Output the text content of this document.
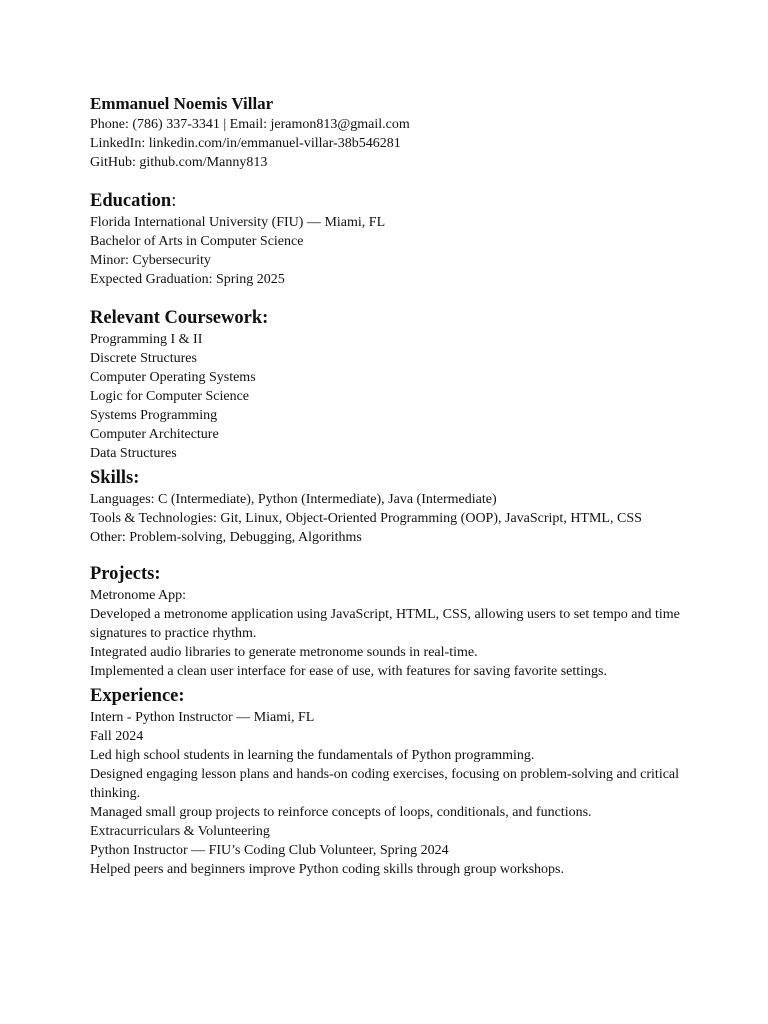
Emmanuel Noemis Villar

Phone: (786) 337-3341 | Email: jeramon813@gmail.com

LinkedIn: linkedin.com/in/emmanuel-villar-38b546281

GitHub: github.com/Manny813

Education:

Florida International University (FIU) — Miami, FL

Bachelor of Arts in Computer Science

Minor: Cybersecurity

Expected Graduation: Spring 2025

Relevant Coursework:

Programming I & II

Discrete Structures

Computer Operating Systems

Logic for Computer Science

Systems Programming

Computer Architecture

Data Structures

Skills:

Languages: C (Intermediate), Python (Intermediate), Java (Intermediate)

Tools & Technologies: Git, Linux, Object-Oriented Programming (OOP), JavaScript, HTML, CSS

Other: Problem-solving, Debugging, Algorithms

Projects:

Metronome App:

Developed a metronome application using JavaScript, HTML, CSS, allowing users to set tempo and time signatures to practice rhythm.

Integrated audio libraries to generate metronome sounds in real-time.

Implemented a clean user interface for ease of use, with features for saving favorite settings.

Experience:

Intern - Python Instructor — Miami, FL

Fall 2024

Led high school students in learning the fundamentals of Python programming.

Designed engaging lesson plans and hands-on coding exercises, focusing on problem-solving and critical thinking.

Managed small group projects to reinforce concepts of loops, conditionals, and functions.

Extracurriculars & Volunteering

Python Instructor — FIU’s Coding Club Volunteer, Spring 2024

Helped peers and beginners improve Python coding skills through group workshops.
